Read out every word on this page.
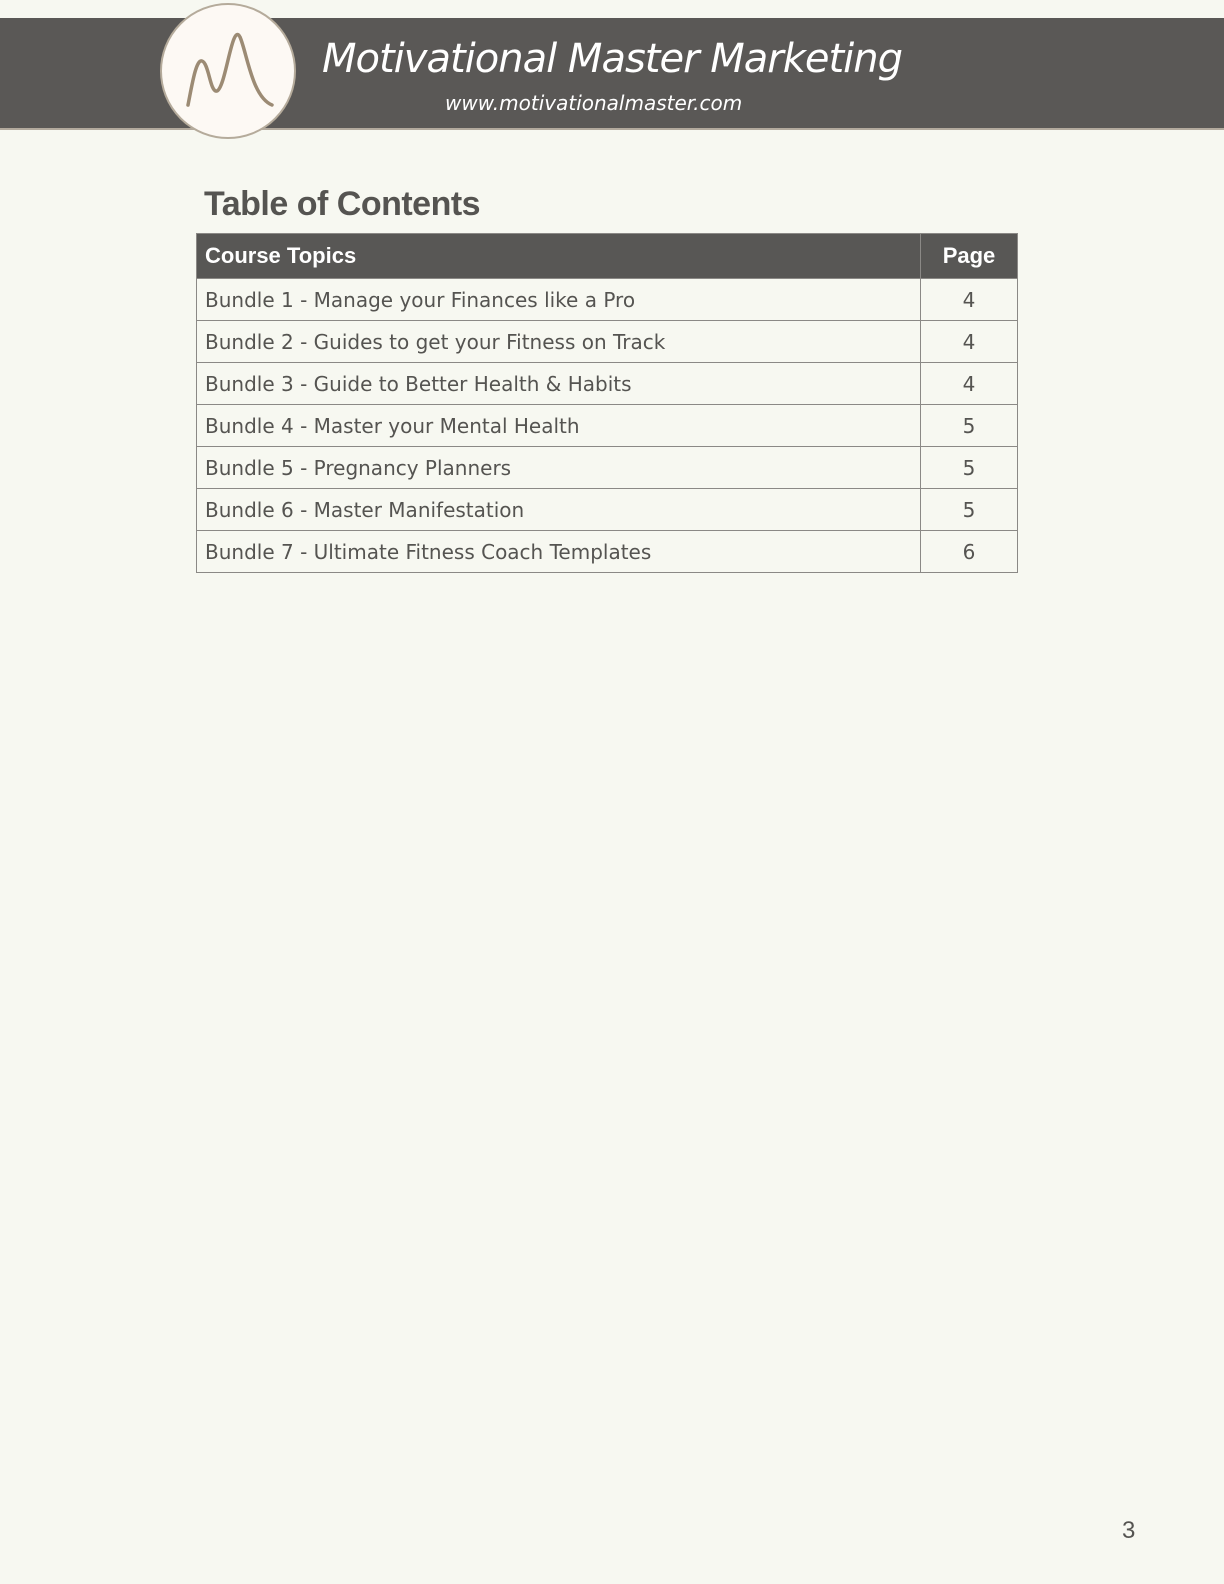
Motivational Master Marketing
www.motivationalmaster.com
Table of Contents
Course Topics	Page
Bundle 1 - Manage your Finances like a Pro	4
Bundle 2 - Guides to get your Fitness on Track	4
Bundle 3 - Guide to Better Health & Habits	4
Bundle 4 - Master your Mental Health	5
Bundle 5 - Pregnancy Planners	5
Bundle 6 - Master Manifestation	5
Bundle 7 - Ultimate Fitness Coach Templates	6
3
